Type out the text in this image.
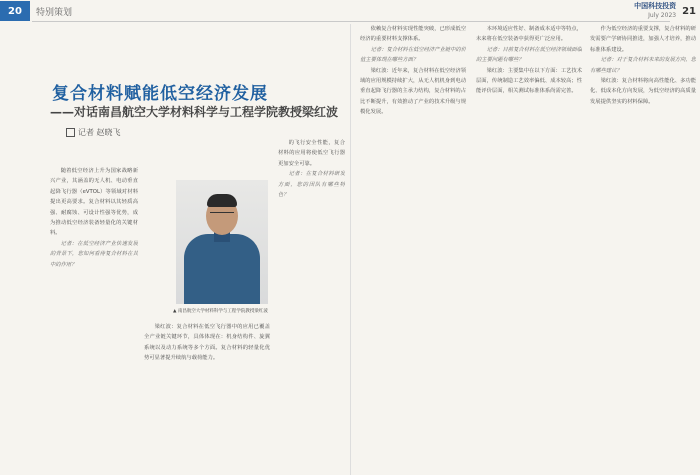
20	特别策划
中国科技投资
July 2023 21
复合材料赋能低空经济发展
——对话南昌航空大学材料科学与工程学院教授梁红波
记者 赵晓飞

随着低空经济上升为国家战略新兴产业，其涵盖的无人机、电动垂直起降飞行器（eVTOL）等领域对材料提出更高要求。复合材料以其轻质高强、耐腐蚀、可设计性强等优势，成为推动低空经济装备轻量化的关键材料。

记者：在低空经济产业快速发展的背景下，您如何看待复合材料在其中的作用？

梁红波：复合材料在低空飞行器中的应用已覆盖全产业链关键环节，具体体现在：机身结构件、旋翼系统以及动力系统等多个方面。复合材料的轻量化优势可显著提升续航与载荷能力。

的飞行安全性能，复合材料的应用将使低空飞行器更加安全可靠。

记者：在复合材料研发方面，您的团队有哪些特色？

依赖复合材料实现性能突破，已形成低空经济的重要材料支撑体系。

记者：复合材料在低空经济产业链中的价值主要体现在哪些方面？

梁红波：近年来，复合材料在低空经济领域的应用规模持续扩大，从无人机机身到电动垂直起降飞行器的主承力结构，复合材料的占比不断提升，有效推动了产业的技术升级与规模化发展。

本环境适应性好、制备成本适中等特点，未来将在低空装备中获得更广泛应用。

记者：目前复合材料在低空经济领域面临的主要问题有哪些？

梁红波：主要集中在以下方面：工艺技术层面，传统制造工艺效率偏低、成本较高；性能评价层面，相关测试标准体系尚需完善。

作为低空经济的重要支撑，复合材料的研发需要产学研协同推进，加强人才培养，推动标准体系建设。

记者：对于复合材料未来的发展方向，您有哪些建议？

梁红波：复合材料将向高性能化、多功能化、低成本化方向发展，为低空经济的高质量发展提供坚实的材料保障。

▲ 南昌航空大学材料科学与工程学院教授梁红波
